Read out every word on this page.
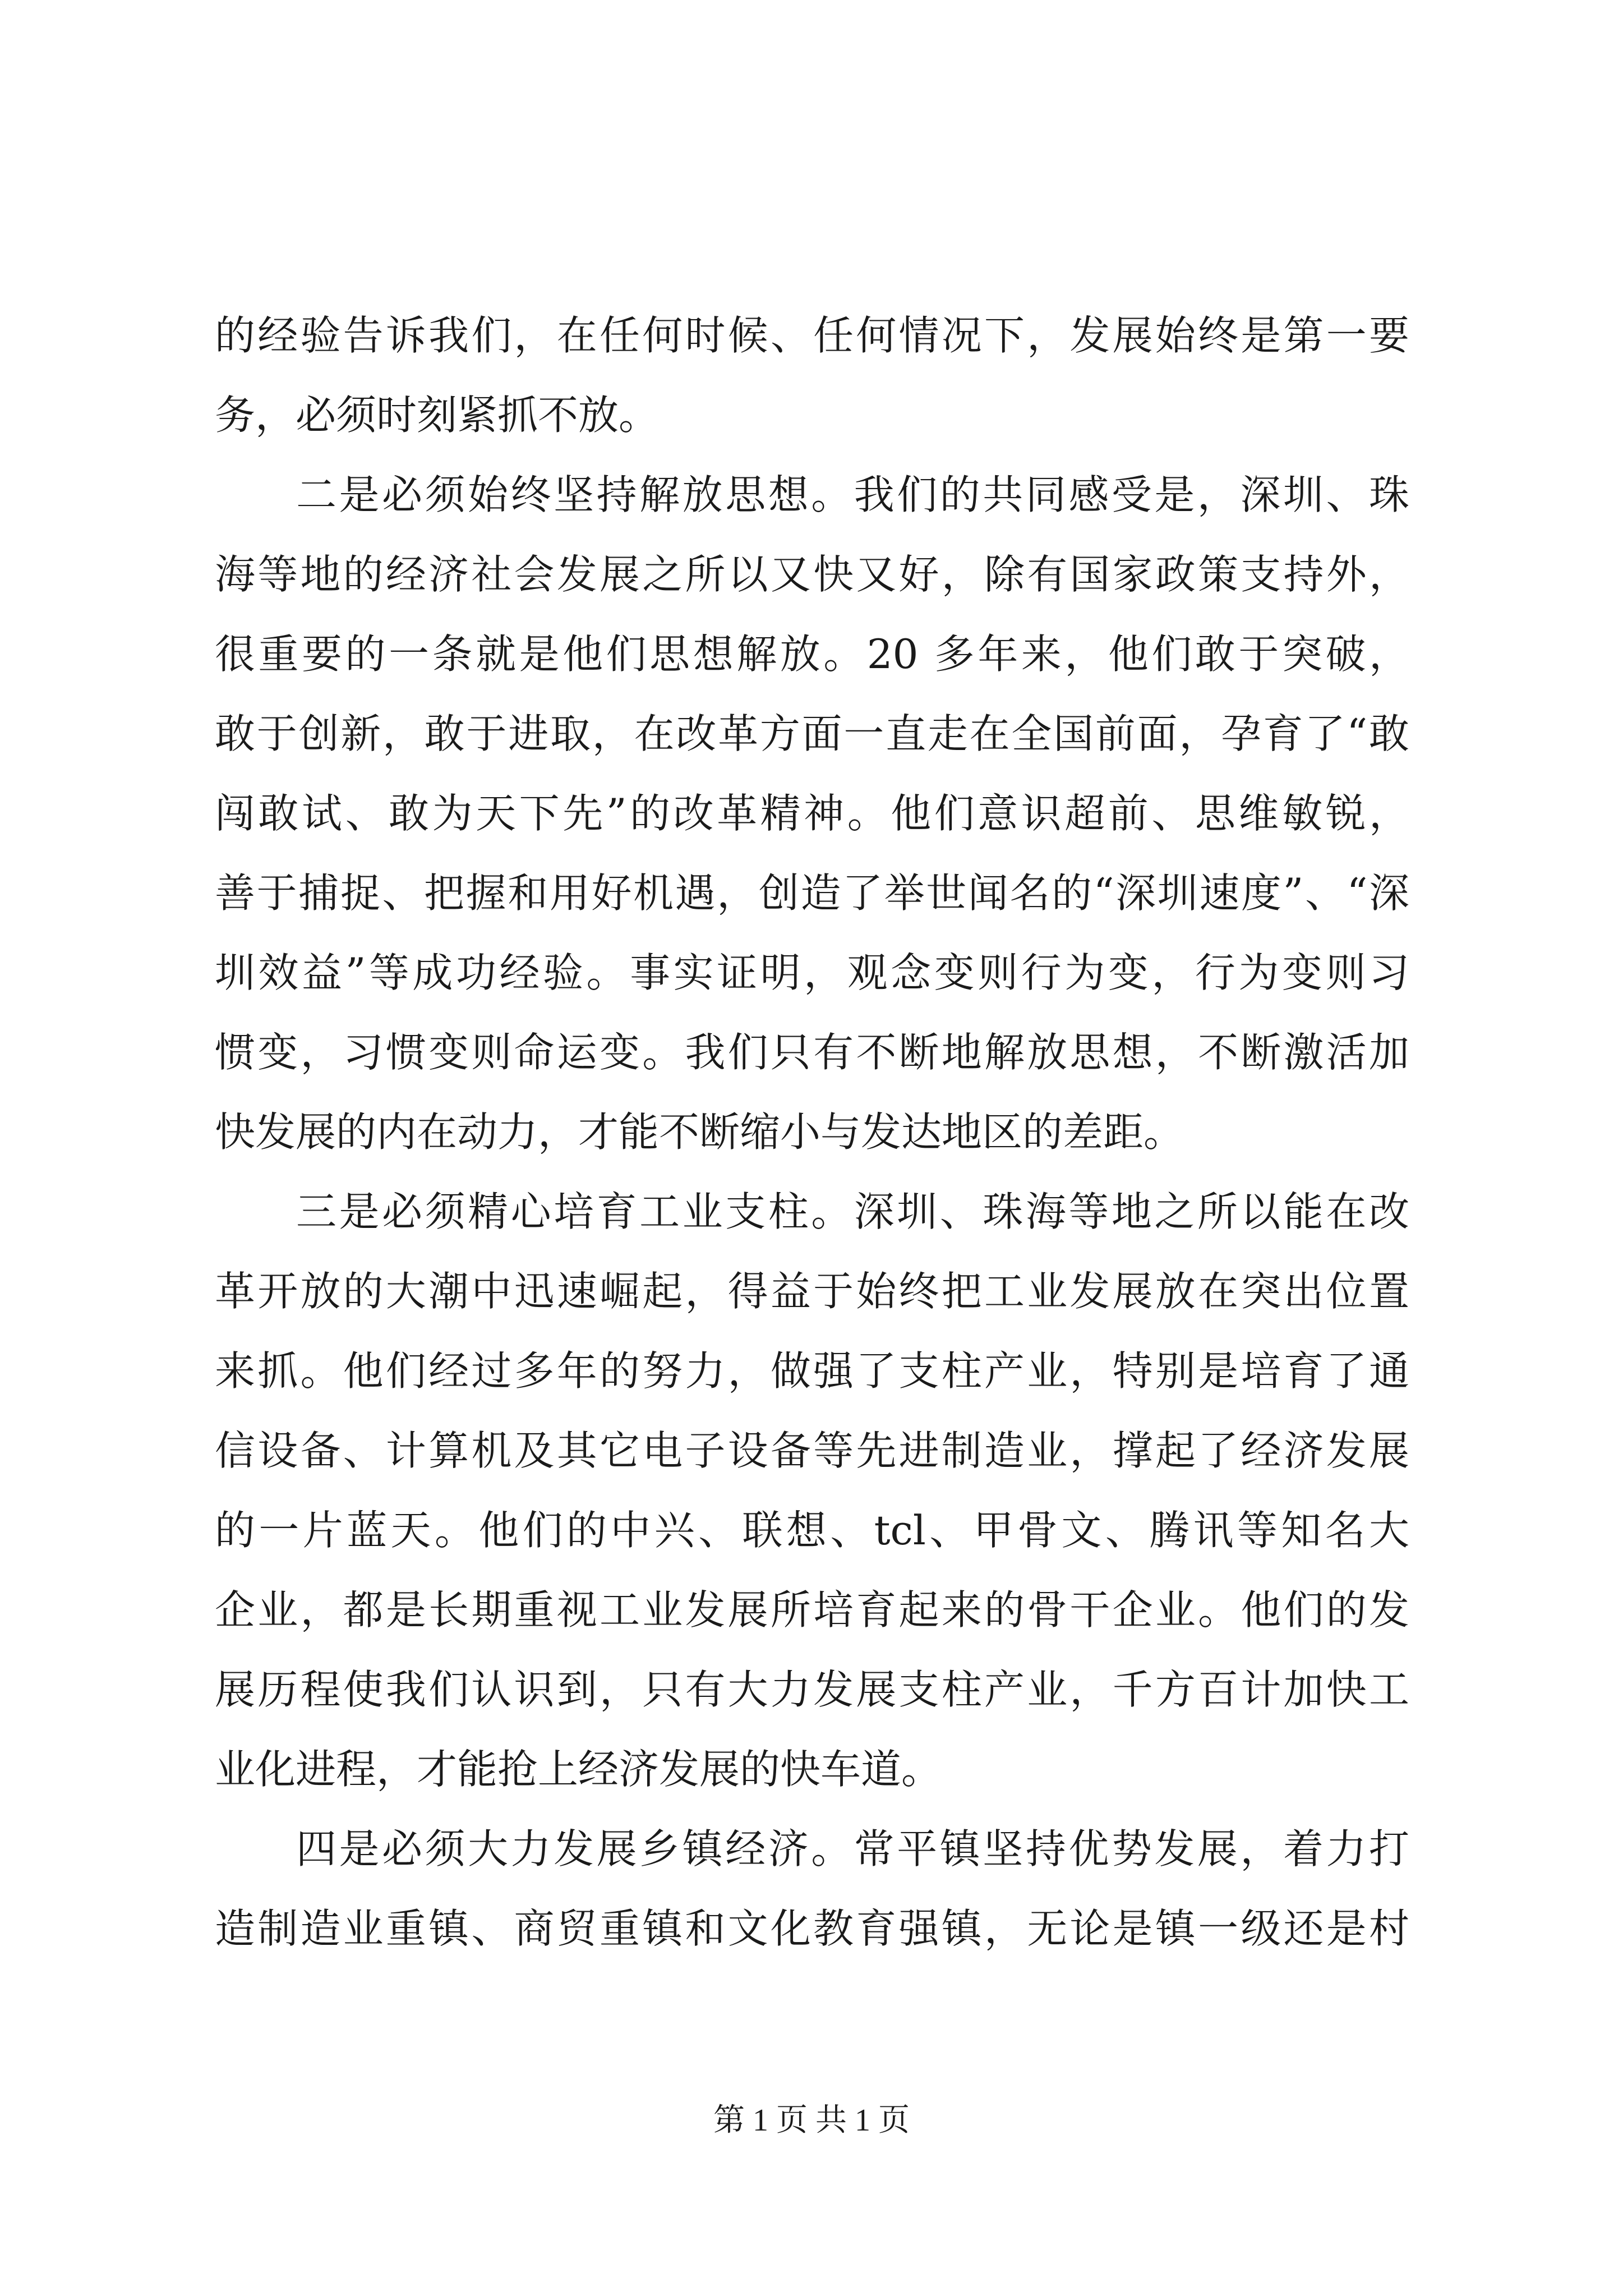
的经验告诉我们，在任何时候、任何情况下，发展始终是第一要
务，必须时刻紧抓不放。
二是必须始终坚持解放思想。我们的共同感受是，深圳、珠
海等地的经济社会发展之所以又快又好，除有国家政策支持外，
很重要的一条就是他们思想解放。20 多年来，他们敢于突破，
敢于创新，敢于进取，在改革方面一直走在全国前面，孕育了“敢
闯敢试、敢为天下先”的改革精神。他们意识超前、思维敏锐，
善于捕捉、把握和用好机遇，创造了举世闻名的“深圳速度”、“深
圳效益”等成功经验。事实证明，观念变则行为变，行为变则习
惯变，习惯变则命运变。我们只有不断地解放思想，不断激活加
快发展的内在动力，才能不断缩小与发达地区的差距。
三是必须精心培育工业支柱。深圳、珠海等地之所以能在改
革开放的大潮中迅速崛起，得益于始终把工业发展放在突出位置
来抓。他们经过多年的努力，做强了支柱产业，特别是培育了通
信设备、计算机及其它电子设备等先进制造业，撑起了经济发展
的一片蓝天。他们的中兴、联想、tcl、甲骨文、腾讯等知名大
企业，都是长期重视工业发展所培育起来的骨干企业。他们的发
展历程使我们认识到，只有大力发展支柱产业，千方百计加快工
业化进程，才能抢上经济发展的快车道。
四是必须大力发展乡镇经济。常平镇坚持优势发展，着力打
造制造业重镇、商贸重镇和文化教育强镇，无论是镇一级还是村
第 1 页 共 1 页
